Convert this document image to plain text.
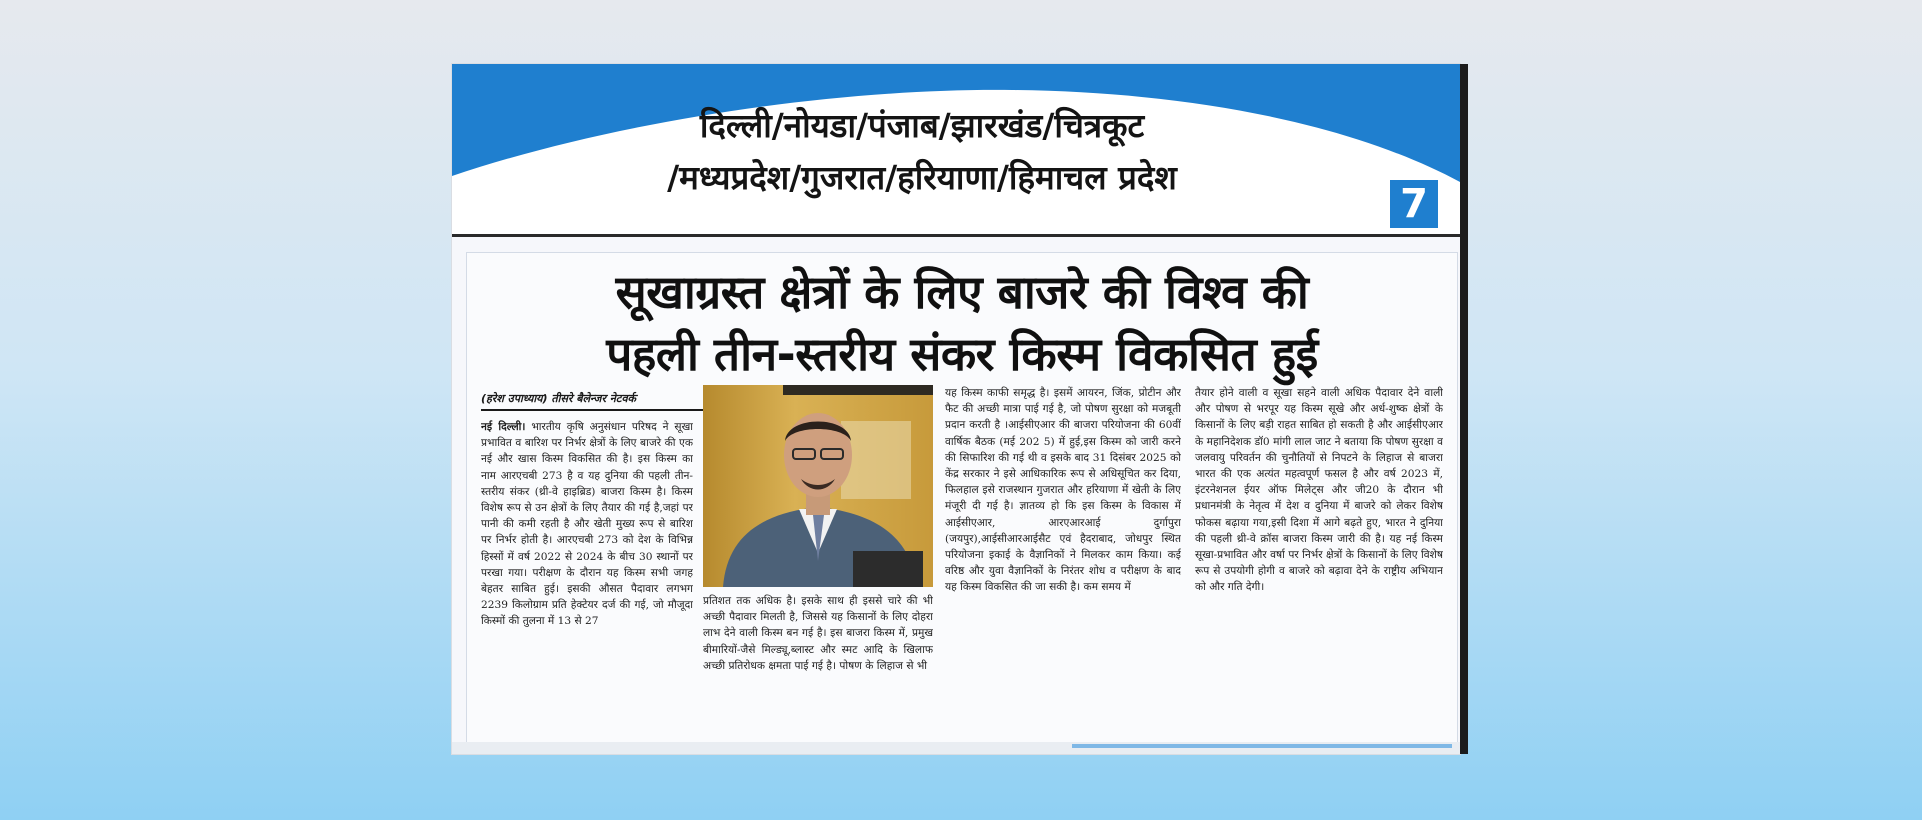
दिल्ली/नोयडा/पंजाब/झारखंड/चित्रकूट
/मध्यप्रदेश/गुजरात/हरियाणा/हिमाचल प्रदेश
7
सूखाग्रस्त क्षेत्रों के लिए बाजरे की विश्व की
पहली तीन-स्तरीय संकर किस्म विकसित हुई
(हरेश उपाध्याय) तीसरे बैलेन्जर नेटवर्क

नई दिल्ली। भारतीय कृषि अनुसंधान परिषद ने सूखा प्रभावित व बारिश पर निर्भर क्षेत्रों के लिए बाजरे की एक नई और खास किस्म विकसित की है। इस किस्म का नाम आरएचबी 273 है व यह दुनिया की पहली तीन-स्तरीय संकर (थ्री-वे हाइब्रिड) बाजरा किस्म है। किस्म विशेष रूप से उन क्षेत्रों के लिए तैयार की गई है,जहां पर पानी की कमी रहती है और खेती मुख्य रूप से बारिश पर निर्भर होती है। आरएचबी 273 को देश के विभिन्न हिस्सों में वर्ष 2022 से 2024 के बीच 30 स्थानों पर परखा गया। परीक्षण के दौरान यह किस्म सभी जगह बेहतर साबित हुई। इसकी औसत पैदावार लगभग 2239 किलोग्राम प्रति हेक्टेयर दर्ज की गई, जो मौजूदा किस्मों की तुलना में 13 से 27

प्रतिशत तक अधिक है। इसके साथ ही इससे चारे की भी अच्छी पैदावार मिलती है, जिससे यह किसानों के लिए दोहरा लाभ देने वाली किस्म बन गई है। इस बाजरा किस्म में, प्रमुख बीमारियों-जैसे मिल्ड्यू,ब्लास्ट और स्मट आदि के खिलाफ अच्छी प्रतिरोधक क्षमता पाई गई है। पोषण के लिहाज से भी

यह किस्म काफी समृद्ध है। इसमें आयरन, जिंक, प्रोटीन और फैट की अच्छी मात्रा पाई गई है, जो पोषण सुरक्षा को मजबूती प्रदान करती है ।आईसीएआर की बाजरा परियोजना की 60वीं वार्षिक बैठक (मई 202 5) में हुई,इस किस्म को जारी करने की सिफारिश की गई थी व इसके बाद 31 दिसंबर 2025 को केंद्र सरकार ने इसे आधिकारिक रूप से अधिसूचित कर दिया, फिलहाल इसे राजस्थान गुजरात और हरियाणा में खेती के लिए मंजूरी दी गई है। ज्ञातव्य हो कि इस किस्म के विकास में आईसीएआर, आरएआरआई दुर्गापुरा (जयपुर),आईसीआरआईसैट एवं हैदराबाद, जोधपुर स्थित परियोजना इकाई के वैज्ञानिकों ने मिलकर काम किया। कई वरिष्ठ और युवा वैज्ञानिकों के निरंतर शोध व परीक्षण के बाद यह किस्म विकसित की जा सकी है। कम समय में

तैयार होने वाली व सूखा सहने वाली अधिक पैदावार देने वाली और पोषण से भरपूर यह किस्म सूखे और अर्ध-शुष्क क्षेत्रों के किसानों के लिए बड़ी राहत साबित हो सकती है और आईसीएआर के महानिदेशक डॉ0 मांगी लाल जाट ने बताया कि पोषण सुरक्षा व जलवायु परिवर्तन की चुनौतियों से निपटने के लिहाज से बाजरा भारत की एक अत्यंत महत्वपूर्ण फसल है और वर्ष 2023 में, इंटरनेशनल ईयर ऑफ मिलेट्स और जी20 के दौरान भी प्रधानमंत्री के नेतृत्व में देश व दुनिया में बाजरे को लेकर विशेष फोकस बढ़ाया गया,इसी दिशा में आगे बढ़ते हुए, भारत ने दुनिया की पहली थ्री-वे क्रॉस बाजरा किस्म जारी की है। यह नई किस्म सूखा-प्रभावित और वर्षा पर निर्भर क्षेत्रों के किसानों के लिए विशेष रूप से उपयोगी होगी व बाजरे को बढ़ावा देने के राष्ट्रीय अभियान को और गति देगी।
